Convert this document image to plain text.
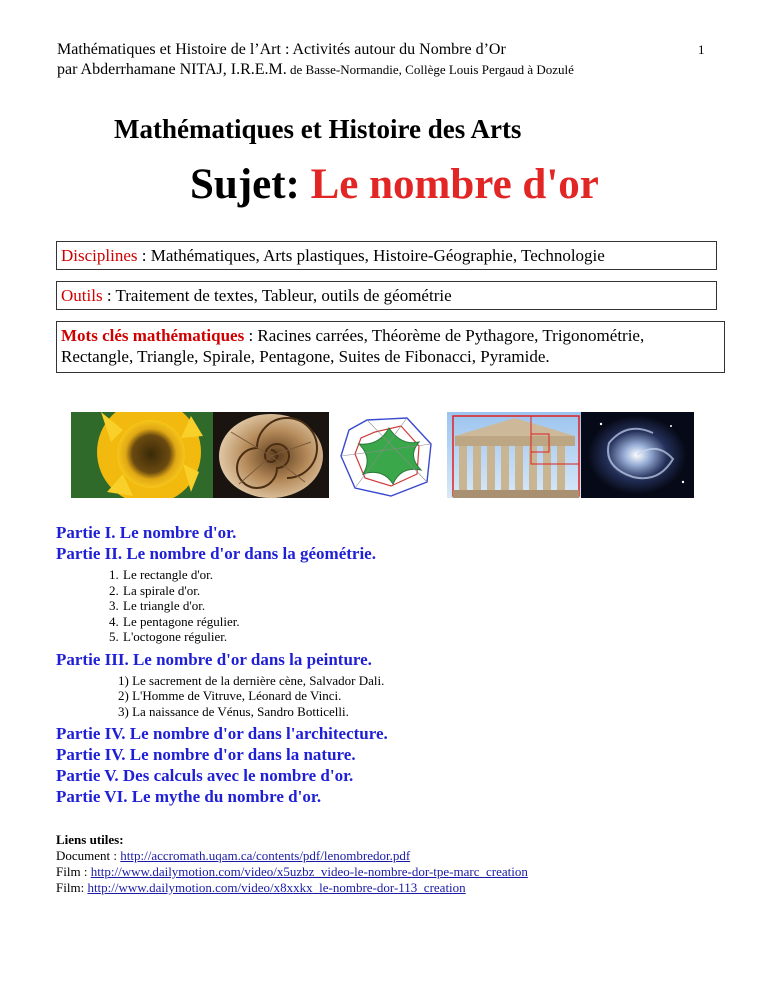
Mathématiques et Histoire de l’Art : Activités autour du Nombre d’Or
par Abderrhamane NITAJ, I.R.E.M. de Basse-Normandie, Collège Louis Pergaud à Dozulé
1
Mathématiques et Histoire des Arts
Sujet: Le nombre d'or
Disciplines : Mathématiques, Arts plastiques, Histoire-Géographie, Technologie
Outils : Traitement de textes, Tableur, outils de géométrie
Mots clés mathématiques : Racines carrées, Théorème de Pythagore, Trigonométrie, Rectangle, Triangle, Spirale, Pentagone, Suites de Fibonacci, Pyramide.
Partie I. Le nombre d'or.
Partie II. Le nombre d'or dans la géométrie.
1. Le rectangle d'or.
2. La spirale d'or.
3. Le triangle d'or.
4. Le pentagone régulier.
5. L'octogone régulier.
Partie III. Le nombre d'or dans la peinture.
1) Le sacrement de la dernière cène, Salvador Dali.
2) L'Homme de Vitruve, Léonard de Vinci.
3) La naissance de Vénus, Sandro Botticelli.
Partie IV. Le nombre d'or dans l'architecture.
Partie IV. Le nombre d'or dans la nature.
Partie V. Des calculs avec le nombre d'or.
Partie VI. Le mythe du nombre d'or.
Liens utiles:
Document : http://accromath.uqam.ca/contents/pdf/lenombredor.pdf
Film : http://www.dailymotion.com/video/x5uzbz_video-le-nombre-dor-tpe-marc_creation
Film: http://www.dailymotion.com/video/x8xxkx_le-nombre-dor-113_creation
